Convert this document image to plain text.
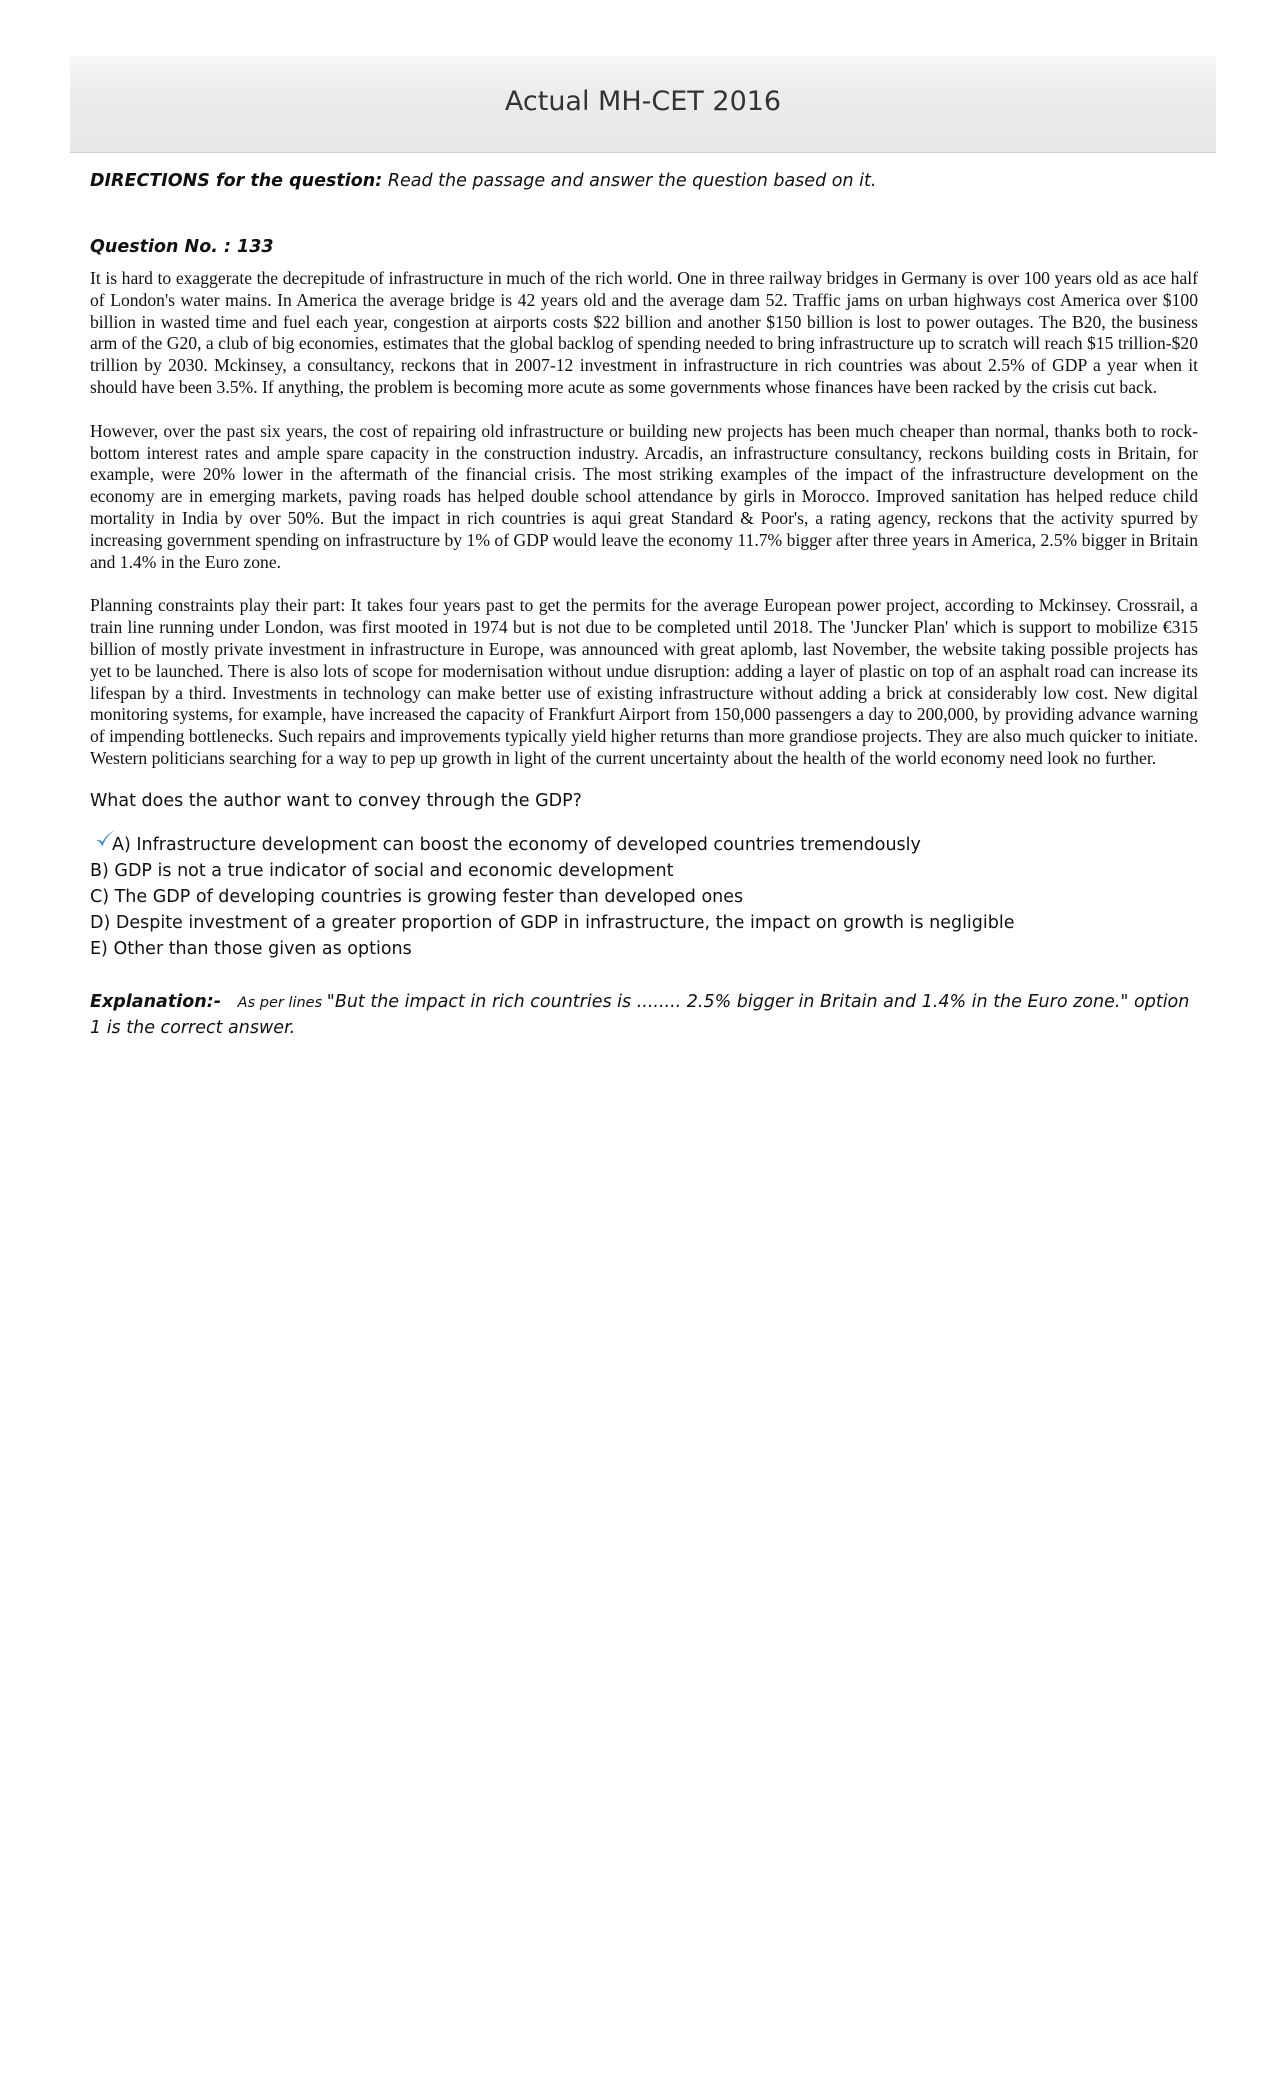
Actual MH-CET 2016

DIRECTIONS for the question: Read the passage and answer the question based on it.

Question No. : 133

It is hard to exaggerate the decrepitude of infrastructure in much of the rich world. One in three railway bridges in Germany is over 100 years old as ace half of London's water mains. In America the average bridge is 42 years old and the average dam 52. Traffic jams on urban highways cost America over $100 billion in wasted time and fuel each year, congestion at airports costs $22 billion and another $150 billion is lost to power outages. The B20, the business arm of the G20, a club of big economies, estimates that the global backlog of spending needed to bring infrastructure up to scratch will reach $15 trillion-$20 trillion by 2030. Mckinsey, a consultancy, reckons that in 2007-12 investment in infrastructure in rich countries was about 2.5% of GDP a year when it should have been 3.5%. If anything, the problem is becoming more acute as some governments whose finances have been racked by the crisis cut back.

However, over the past six years, the cost of repairing old infrastructure or building new projects has been much cheaper than normal, thanks both to rock-bottom interest rates and ample spare capacity in the construction industry. Arcadis, an infrastructure consultancy, reckons building costs in Britain, for example, were 20% lower in the aftermath of the financial crisis. The most striking examples of the impact of the infrastructure development on the economy are in emerging markets, paving roads has helped double school attendance by girls in Morocco. Improved sanitation has helped reduce child mortality in India by over 50%. But the impact in rich countries is aqui great Standard & Poor's, a rating agency, reckons that the activity spurred by increasing government spending on infrastructure by 1% of GDP would leave the economy 11.7% bigger after three years in America, 2.5% bigger in Britain and 1.4% in the Euro zone.

Planning constraints play their part: It takes four years past to get the permits for the average European power project, according to Mckinsey. Crossrail, a train line running under London, was first mooted in 1974 but is not due to be completed until 2018. The 'Juncker Plan' which is support to mobilize €315 billion of mostly private investment in infrastructure in Europe, was announced with great aplomb, last November, the website taking possible projects has yet to be launched. There is also lots of scope for modernisation without undue disruption: adding a layer of plastic on top of an asphalt road can increase its lifespan by a third. Investments in technology can make better use of existing infrastructure without adding a brick at considerably low cost. New digital monitoring systems, for example, have increased the capacity of Frankfurt Airport from 150,000 passengers a day to 200,000, by providing advance warning of impending bottlenecks. Such repairs and improvements typically yield higher returns than more grandiose projects. They are also much quicker to initiate. Western politicians searching for a way to pep up growth in light of the current uncertainty about the health of the world economy need look no further.

What does the author want to convey through the GDP?
A) Infrastructure development can boost the economy of developed countries tremendously
B) GDP is not a true indicator of social and economic development
C) The GDP of developing countries is growing fester than developed ones
D) Despite investment of a greater proportion of GDP in infrastructure, the impact on growth is negligible
E) Other than those given as options
Explanation:- As per lines "But the impact in rich countries is ........ 2.5% bigger in Britain and 1.4% in the Euro zone." option 1 is the correct answer.
